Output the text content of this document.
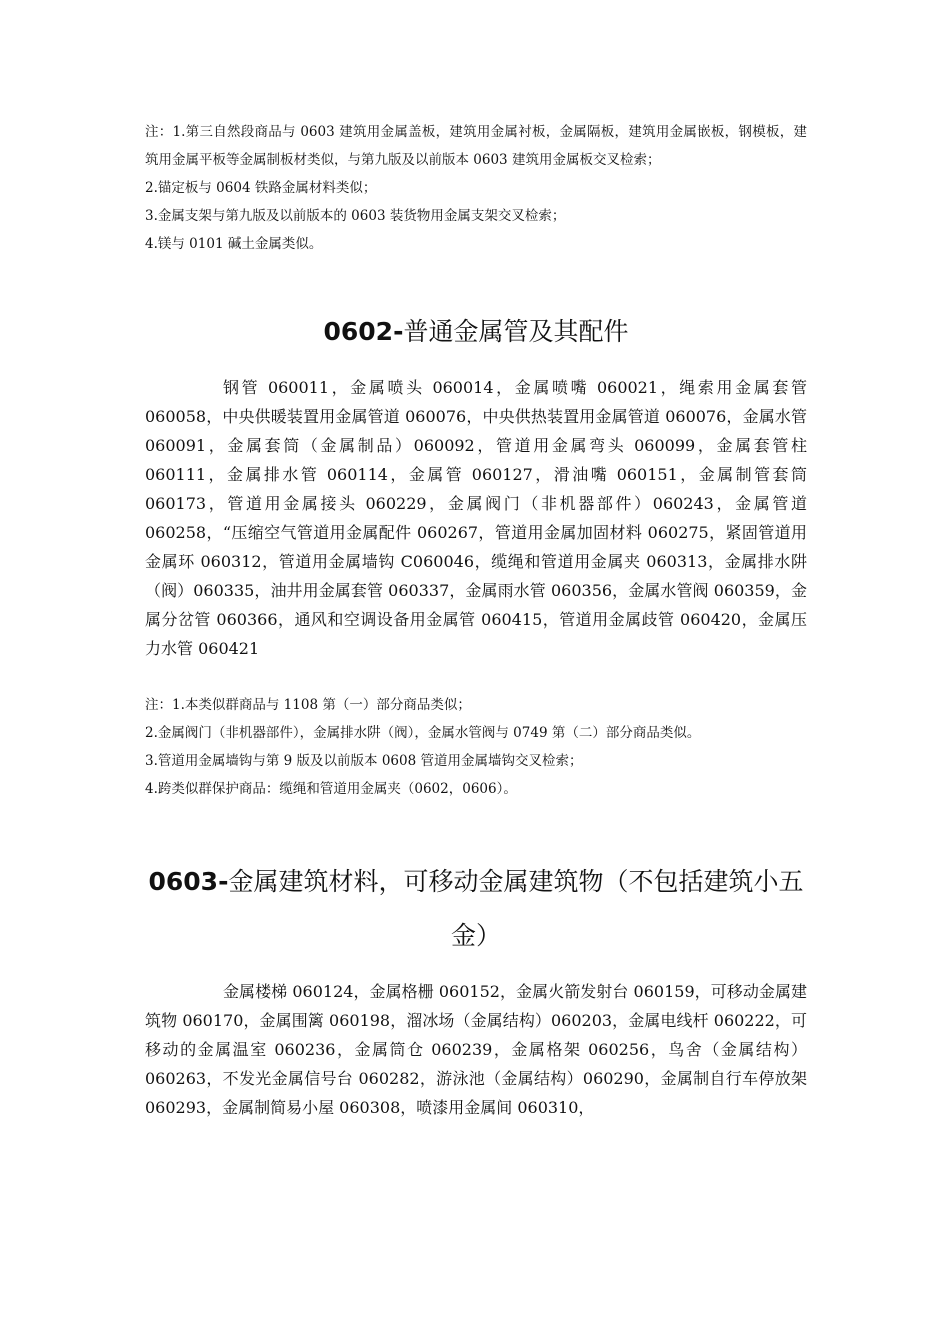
注：1.第三自然段商品与 0603 建筑用金属盖板，建筑用金属衬板，金属隔板，建筑用金属嵌板，钢模板，建筑用金属平板等金属制板材类似，与第九版及以前版本 0603 建筑用金属板交叉检索；
2.锚定板与 0604 铁路金属材料类似；
3.金属支架与第九版及以前版本的 0603 装货物用金属支架交叉检索；
4.镁与 0101 碱土金属类似。
0602-普通金属管及其配件

钢管 060011，金属喷头 060014，金属喷嘴 060021，绳索用金属套管 060058，中央供暖装置用金属管道 060076，中央供热装置用金属管道 060076，金属水管 060091，金属套筒（金属制品）060092，管道用金属弯头 060099，金属套管柱 060111，金属排水管 060114，金属管 060127，滑油嘴 060151，金属制管套筒 060173，管道用金属接头 060229，金属阀门（非机器部件）060243，金属管道 060258，“压缩空气管道用金属配件 060267，管道用金属加固材料 060275，紧固管道用金属环 060312，管道用金属墙钩 C060046，缆绳和管道用金属夹 060313，金属排水阱（阀）060335，油井用金属套管 060337，金属雨水管 060356，金属水管阀 060359，金属分岔管 060366，通风和空调设备用金属管 060415，管道用金属歧管 060420，金属压力水管 060421

注：1.本类似群商品与 1108 第（一）部分商品类似；
2.金属阀门（非机器部件），金属排水阱（阀），金属水管阀与 0749 第（二）部分商品类似。
3.管道用金属墙钩与第 9 版及以前版本 0608 管道用金属墙钩交叉检索；
4.跨类似群保护商品：缆绳和管道用金属夹（0602，0606）。
0603-金属建筑材料，可移动金属建筑物（不包括建筑小五金）

金属楼梯 060124，金属格栅 060152，金属火箭发射台 060159，可移动金属建筑物 060170，金属围篱 060198，溜冰场（金属结构）060203，金属电线杆 060222，可移动的金属温室 060236，金属筒仓 060239，金属格架 060256，鸟舍（金属结构）060263，不发光金属信号台 060282，游泳池（金属结构）060290，金属制自行车停放架 060293，金属制简易小屋 060308，喷漆用金属间 060310，
